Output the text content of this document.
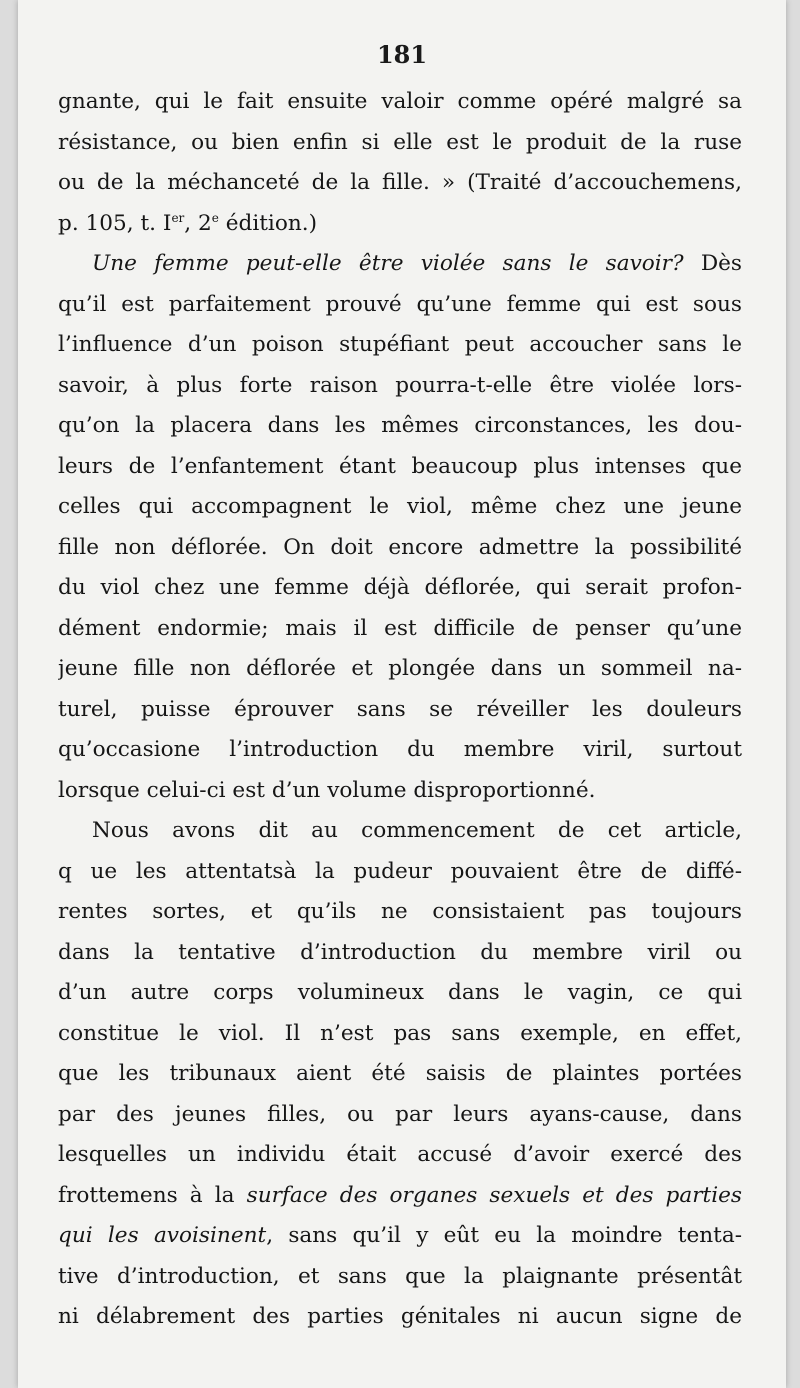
181
gnante, qui le fait ensuite valoir comme opéré malgré sa
résistance, ou bien enfin si elle est le produit de la ruse
ou de la méchanceté de la fille. » (Traité d’accouchemens,
p. 105, t. Ier, 2e édition.)
Une femme peut-elle être violée sans le savoir? Dès
qu’il est parfaitement prouvé qu’une femme qui est sous
l’influence d’un poison stupéfiant peut accoucher sans le
savoir, à plus forte raison pourra-t-elle être violée lors-
qu’on la placera dans les mêmes circonstances, les dou-
leurs de l’enfantement étant beaucoup plus intenses que
celles qui accompagnent le viol, même chez une jeune
fille non déflorée. On doit encore admettre la possibilité
du viol chez une femme déjà déflorée, qui serait profon-
dément endormie; mais il est difficile de penser qu’une
jeune fille non déflorée et plongée dans un sommeil na-
turel, puisse éprouver sans se réveiller les douleurs
qu’occasione l’introduction du membre viril, surtout
lorsque celui-ci est d’un volume disproportionné.
Nous avons dit au commencement de cet article,
q ue les attentatsà la pudeur pouvaient être de diffé-
rentes sortes, et qu’ils ne consistaient pas toujours
dans la tentative d’introduction du membre viril ou
d’un autre corps volumineux dans le vagin, ce qui
constitue le viol. Il n’est pas sans exemple, en effet,
que les tribunaux aient été saisis de plaintes portées
par des jeunes filles, ou par leurs ayans-cause, dans
lesquelles un individu était accusé d’avoir exercé des
frottemens à la surface des organes sexuels et des parties
qui les avoisinent, sans qu’il y eût eu la moindre tenta-
tive d’introduction, et sans que la plaignante présentât
ni délabrement des parties génitales ni aucun signe de
